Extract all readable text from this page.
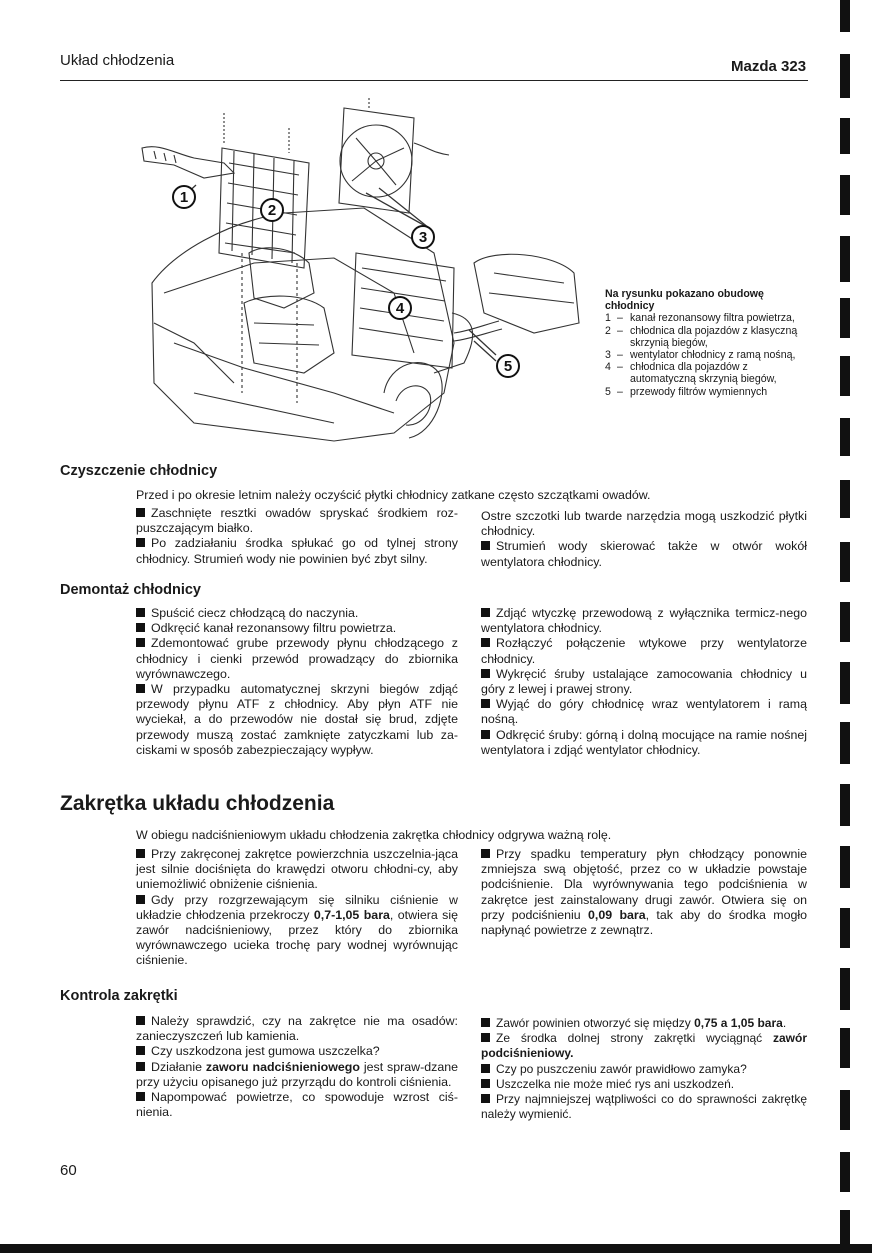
Układ chłodzenia	Mazda 323
1
2
3
4
5
Na rysunku pokazano obudowę chłodnicy
1 – kanał rezonansowy filtra powietrza,
2 – chłodnica dla pojazdów z klasyczną skrzynią biegów,
3 – wentylator chłodnicy z ramą nośną,
4 – chłodnica dla pojazdów z automatyczną skrzynią biegów,
5 – przewody filtrów wymiennych
Czyszczenie chłodnicy
Przed i po okresie letnim należy oczyścić płytki chłodnicy zatkane często szczątkami owadów.
Zaschnięte resztki owadów spryskać środkiem roz-puszczającym białko.
Po zadziałaniu środka spłukać go od tylnej strony chłodnicy. Strumień wody nie powinien być zbyt silny.
Ostre szczotki lub twarde narzędzia mogą uszkodzić płytki chłodnicy.
Strumień wody skierować także w otwór wokół wentylatora chłodnicy.
Demontaż chłodnicy
Spuścić ciecz chłodzącą do naczynia.
Odkręcić kanał rezonansowy filtru powietrza.
Zdemontować grube przewody płynu chłodzącego z chłodnicy i cienki przewód prowadzący do zbiornika wyrównawczego.
W przypadku automatycznej skrzyni biegów zdjąć przewody płynu ATF z chłodnicy. Aby płyn ATF nie wyciekał, a do przewodów nie dostał się brud, zdjęte przewody muszą zostać zamknięte zatyczkami lub za-ciskami w sposób zabezpieczający wypływ.
Zdjąć wtyczkę przewodową z wyłącznika termicz-nego wentylatora chłodnicy.
Rozłączyć połączenie wtykowe przy wentylatorze chłodnicy.
Wykręcić śruby ustalające zamocowania chłodnicy u góry z lewej i prawej strony.
Wyjąć do góry chłodnicę wraz wentylatorem i ramą nośną.
Odkręcić śruby: górną i dolną mocujące na ramie nośnej wentylatora i zdjąć wentylator chłodnicy.
Zakrętka układu chłodzenia
W obiegu nadciśnieniowym układu chłodzenia zakrętka chłodnicy odgrywa ważną rolę.
Przy zakręconej zakrętce powierzchnia uszczelnia-jąca jest silnie dociśnięta do krawędzi otworu chłodni-cy, aby uniemożliwić obniżenie ciśnienia.
Gdy przy rozgrzewającym się silniku ciśnienie w układzie chłodzenia przekroczy 0,7-1,05 bara, otwiera się zawór nadciśnieniowy, przez który do zbiornika wyrównawczego ucieka trochę pary wodnej wyrównując ciśnienie.
Przy spadku temperatury płyn chłodzący ponownie zmniejsza swą objętość, przez co w układzie powstaje podciśnienie. Dla wyrównywania tego podciśnienia w zakrętce jest zainstalowany drugi zawór. Otwiera się on przy podciśnieniu 0,09 bara, tak aby do środka mogło napłynąć powietrze z zewnątrz.
Kontrola zakrętki
Należy sprawdzić, czy na zakrętce nie ma osadów: zanieczyszczeń lub kamienia.
Czy uszkodzona jest gumowa uszczelka?
Działanie zaworu nadciśnieniowego jest spraw-dzane przy użyciu opisanego już przyrządu do kontroli ciśnienia.
Napompować powietrze, co spowoduje wzrost ciś-nienia.
Zawór powinien otworzyć się między 0,75 a 1,05 bara.
Ze środka dolnej strony zakrętki wyciągnąć zawór podciśnieniowy.
Czy po puszczeniu zawór prawidłowo zamyka?
Uszczelka nie może mieć rys ani uszkodzeń.
Przy najmniejszej wątpliwości co do sprawności zakrętkę należy wymienić.
60
